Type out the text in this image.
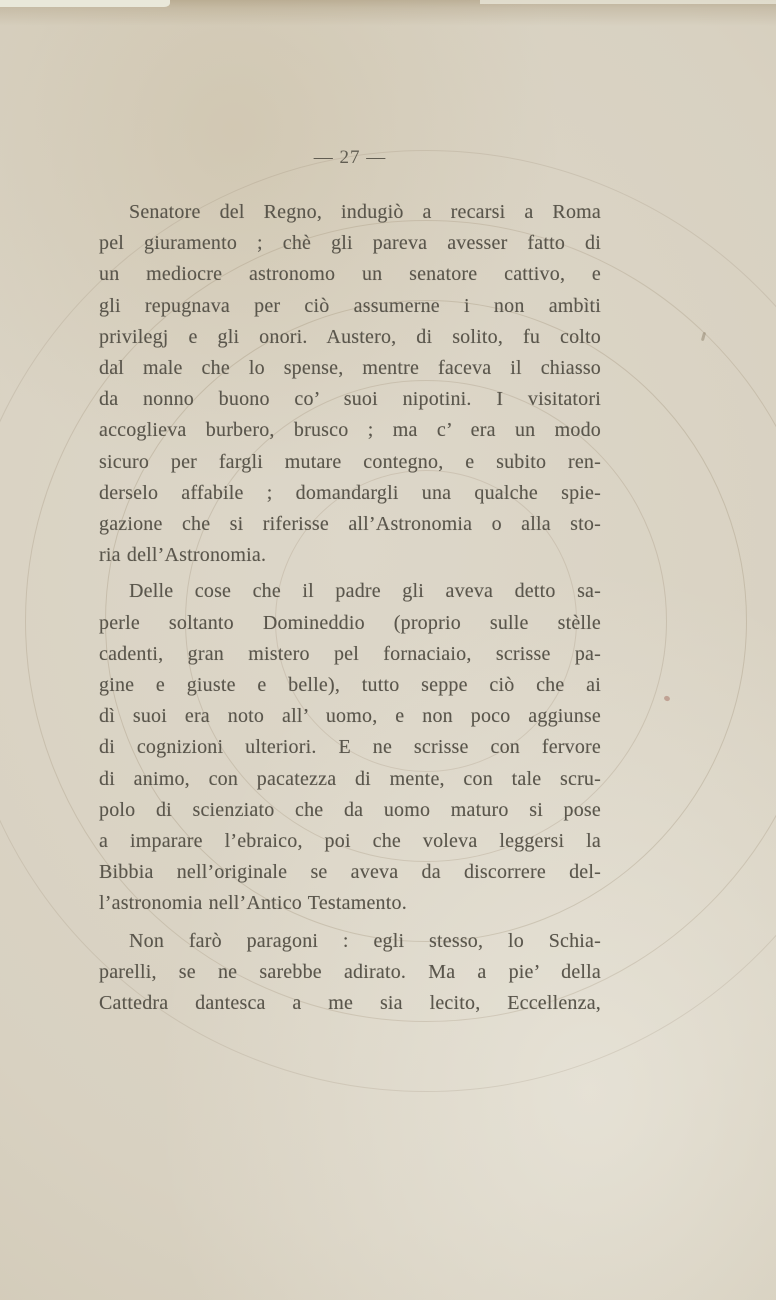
— 27 —

Senatore del Regno, indugiò a recarsi a Roma
pel giuramento ; chè gli pareva avesser fatto di
un mediocre astronomo un senatore cattivo, e
gli repugnava per ciò assumerne i non ambìti
privilegj e gli onori. Austero, di solito, fu colto
dal male che lo spense, mentre faceva il chiasso
da nonno buono co’ suoi nipotini. I visitatori
accoglieva burbero, brusco ; ma c’ era un modo
sicuro per fargli mutare contegno, e subito ren-
derselo affabile ; domandargli una qualche spie-
gazione che si riferisse all’Astronomia o alla sto-
ria dell’Astronomia.

Delle cose che il padre gli aveva detto sa-
perle soltanto Domineddio (proprio sulle stèlle
cadenti, gran mistero pel fornaciaio, scrisse pa-
gine e giuste e belle), tutto seppe ciò che ai
dì suoi era noto all’ uomo, e non poco aggiunse
di cognizioni ulteriori. E ne scrisse con fervore
di animo, con pacatezza di mente, con tale scru-
polo di scienziato che da uomo maturo si pose
a imparare l’ebraico, poi che voleva leggersi la
Bibbia nell’originale se aveva da discorrere del-
l’astronomia nell’Antico Testamento.

Non farò paragoni : egli stesso, lo Schia-
parelli, se ne sarebbe adirato. Ma a pie’ della
Cattedra dantesca a me sia lecito, Eccellenza,
